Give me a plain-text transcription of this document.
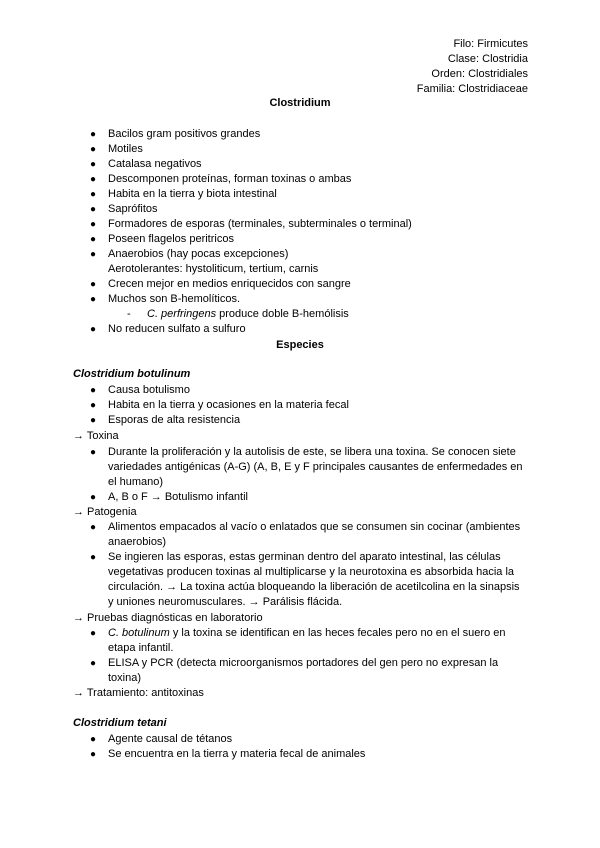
Filo: Firmicutes
Clase: Clostridia
Orden: Clostridiales
Familia: Clostridiaceae
Clostridium
● Bacilos gram positivos grandes
● Motiles
● Catalasa negativos
● Descomponen proteínas, forman toxinas o ambas
● Habita en la tierra y biota intestinal
● Saprófitos
● Formadores de esporas (terminales, subterminales o terminal)
● Poseen flagelos peritricos
● Anaerobios (hay pocas excepciones)
Aerotolerantes: hystoliticum, tertium, carnis
● Crecen mejor en medios enriquecidos con sangre
● Muchos son B-hemolíticos.
- C. perfringens produce doble B-hemólisis
● No reducen sulfato a sulfuro
Especies
Clostridium botulinum
● Causa botulismo
● Habita en la tierra y ocasiones en la materia fecal
● Esporas de alta resistencia
→ Toxina
● Durante la proliferación y la autolisis de este, se libera una toxina. Se conocen siete
variedades antigénicas (A-G) (A, B, E y F principales causantes de enfermedades en
el humano)
● A, B o F → Botulismo infantil
→ Patogenia
● Alimentos empacados al vacío o enlatados que se consumen sin cocinar (ambientes
anaerobios)
● Se ingieren las esporas, estas germinan dentro del aparato intestinal, las células
vegetativas producen toxinas al multiplicarse y la neurotoxina es absorbida hacia la
circulación. → La toxina actúa bloqueando la liberación de acetilcolina en la sinapsis
y uniones neuromusculares. → Parálisis flácida.
→ Pruebas diagnósticas en laboratorio
● C. botulinum y la toxina se identifican en las heces fecales pero no en el suero en
etapa infantil.
● ELISA y PCR (detecta microorganismos portadores del gen pero no expresan la
toxina)
→ Tratamiento: antitoxinas
Clostridium tetani
● Agente causal de tétanos
● Se encuentra en la tierra y materia fecal de animales
